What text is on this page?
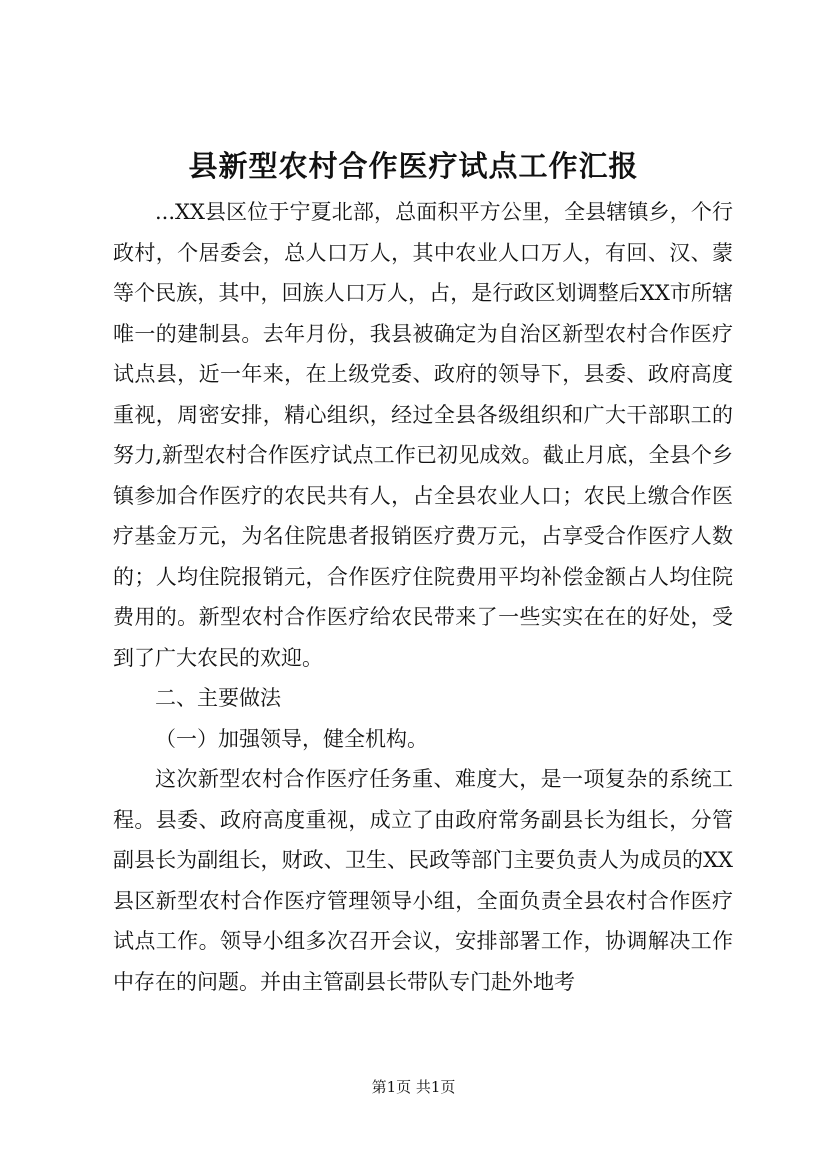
县新型农村合作医疗试点工作汇报

...XX县区位于宁夏北部，总面积平方公里，全县辖镇乡，个行政村，个居委会，总人口万人，其中农业人口万人，有回、汉、蒙等个民族，其中，回族人口万人，占，是行政区划调整后XX市所辖唯一的建制县。去年月份，我县被确定为自治区新型农村合作医疗试点县，近一年来，在上级党委、政府的领导下，县委、政府高度重视，周密安排，精心组织，经过全县各级组织和广大干部职工的努力,新型农村合作医疗试点工作已初见成效。截止月底，全县个乡镇参加合作医疗的农民共有人，占全县农业人口；农民上缴合作医疗基金万元，为名住院患者报销医疗费万元，占享受合作医疗人数的；人均住院报销元，合作医疗住院费用平均补偿金额占人均住院费用的。新型农村合作医疗给农民带来了一些实实在在的好处，受到了广大农民的欢迎。

二、主要做法

（一）加强领导，健全机构。

这次新型农村合作医疗任务重、难度大，是一项复杂的系统工程。县委、政府高度重视，成立了由政府常务副县长为组长，分管副县长为副组长，财政、卫生、民政等部门主要负责人为成员的XX县区新型农村合作医疗管理领导小组，全面负责全县农村合作医疗试点工作。领导小组多次召开会议，安排部署工作，协调解决工作中存在的问题。并由主管副县长带队专门赴外地考

第1页 共1页
